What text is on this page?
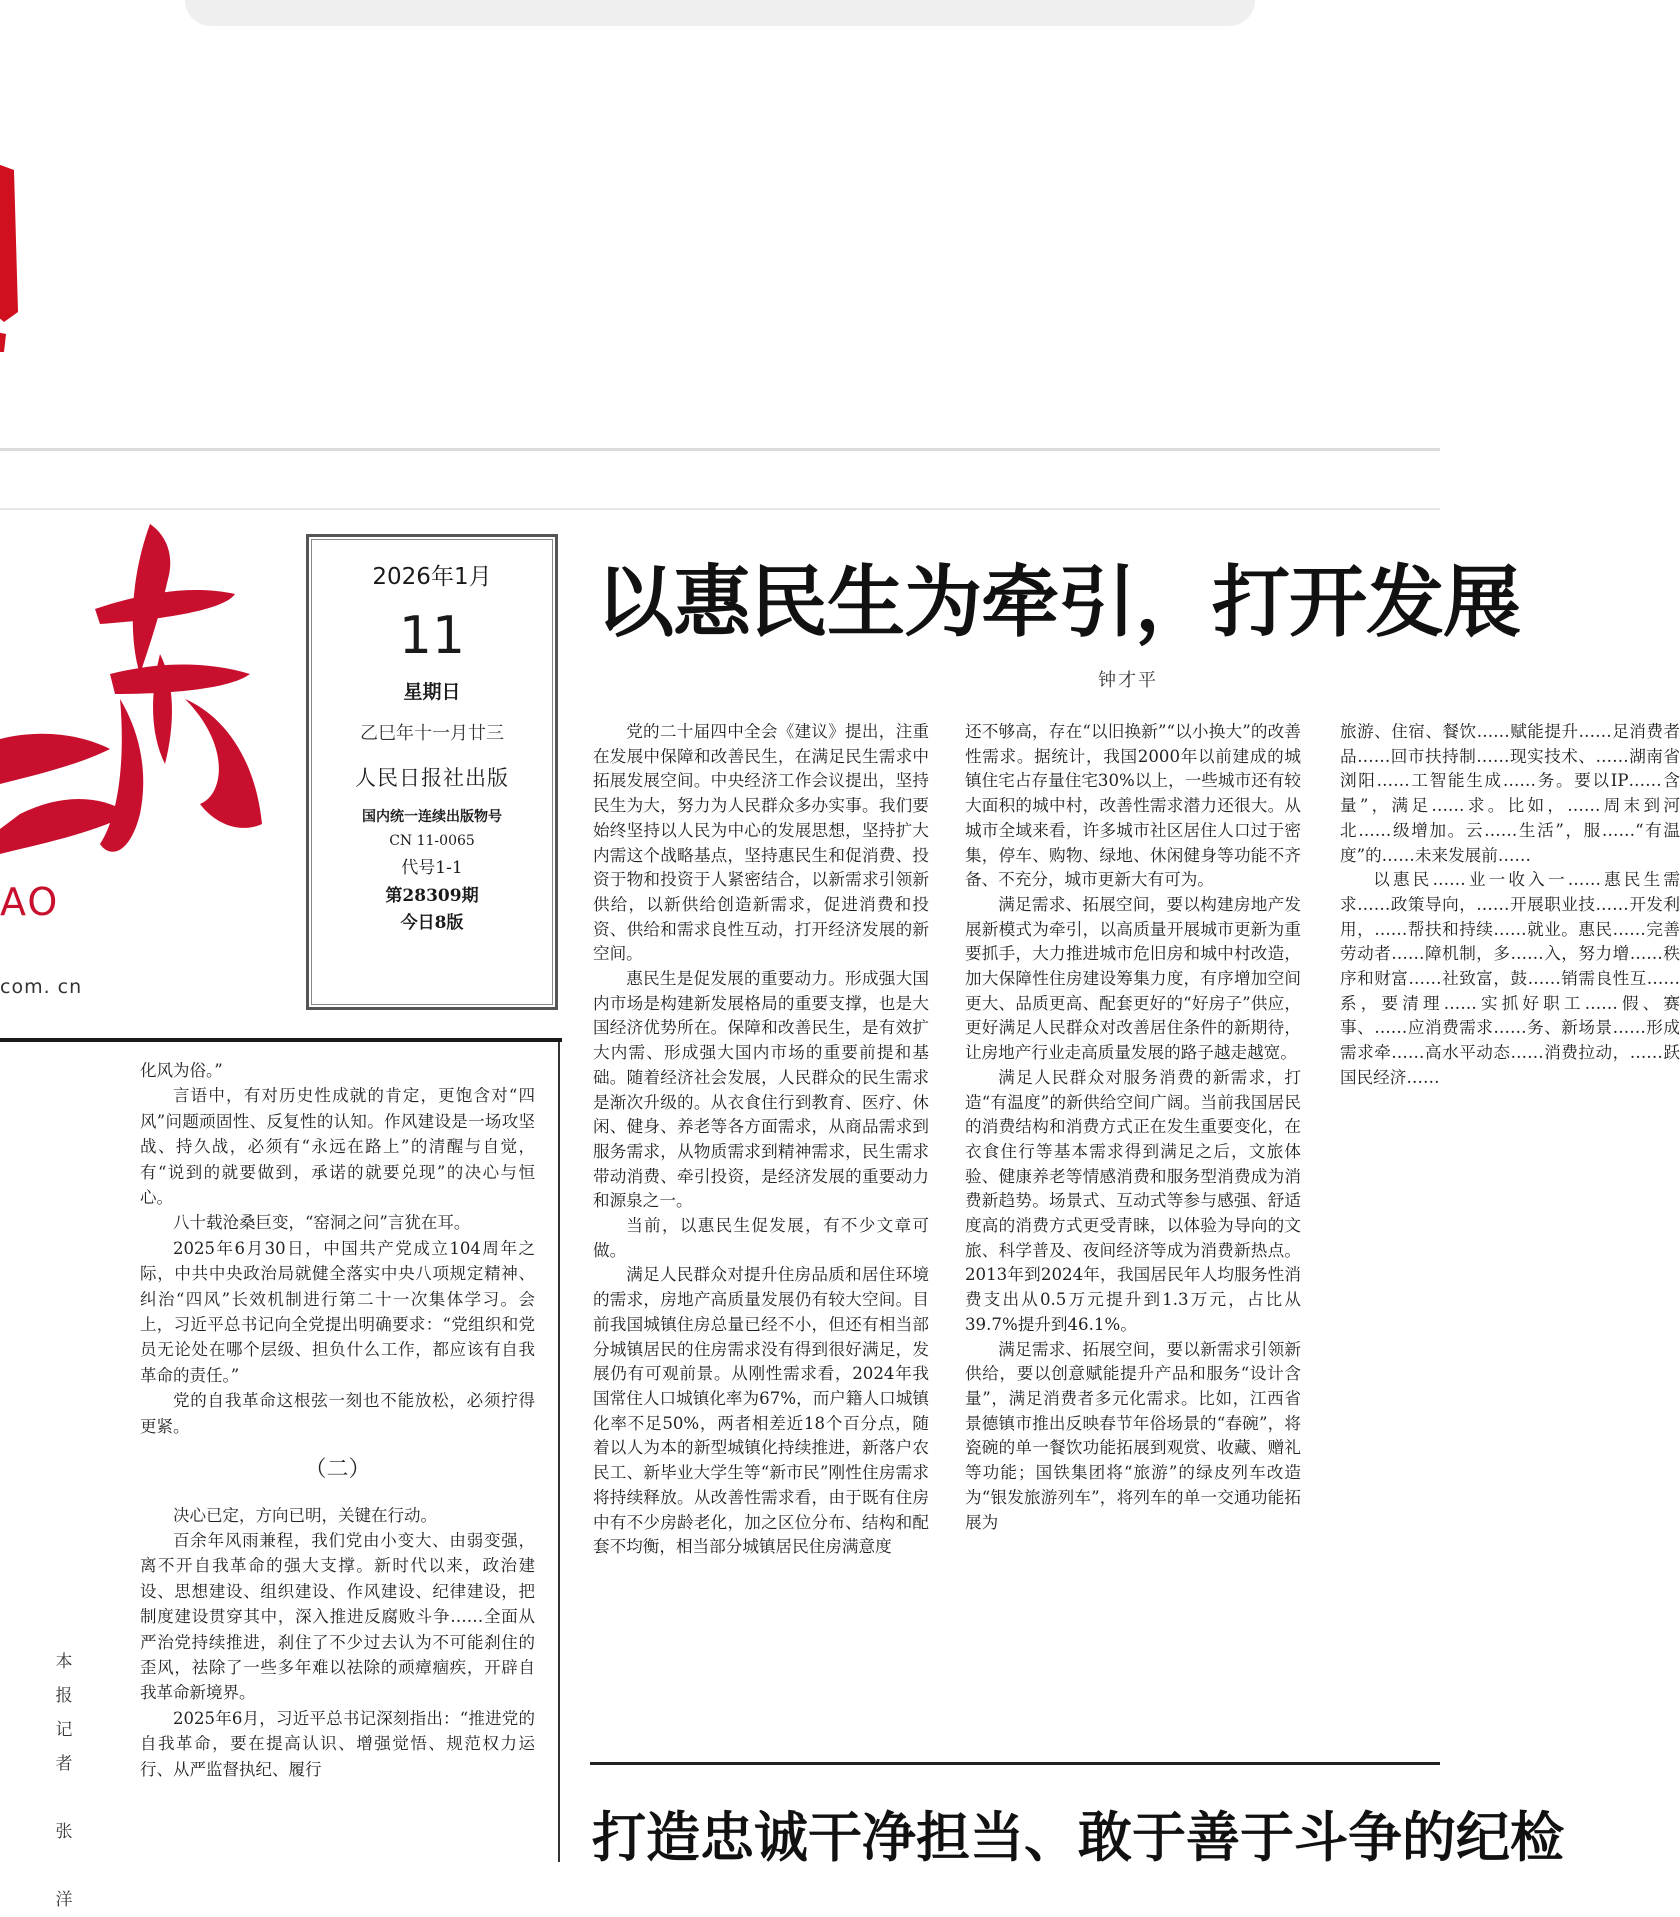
AO
com. cn
2026年1月
11
星期日
乙巳年十一月廿三
人民日报社出版
国内统一连续出版物号
CN 11-0065
代号1-1
第28309期
今日8版

化风为俗。”

言语中，有对历史性成就的肯定，更饱含对“四风”问题顽固性、反复性的认知。作风建设是一场攻坚战、持久战，必须有“永远在路上”的清醒与自觉，有“说到的就要做到，承诺的就要兑现”的决心与恒心。

八十载沧桑巨变，“窑洞之问”言犹在耳。

2025年6月30日，中国共产党成立104周年之际，中共中央政治局就健全落实中央八项规定精神、纠治“四风”长效机制进行第二十一次集体学习。会上，习近平总书记向全党提出明确要求：“党组织和党员无论处在哪个层级、担负什么工作，都应该有自我革命的责任。”

党的自我革命这根弦一刻也不能放松，必须拧得更紧。

（二）

决心已定，方向已明，关键在行动。

百余年风雨兼程，我们党由小变大、由弱变强，离不开自我革命的强大支撑。新时代以来，政治建设、思想建设、组织建设、作风建设、纪律建设，把制度建设贯穿其中，深入推进反腐败斗争……全面从严治党持续推进，刹住了不少过去认为不可能刹住的歪风，祛除了一些多年难以祛除的顽瘴痼疾，开辟自我革命新境界。

2025年6月，习近平总书记深刻指出：“推进党的自我革命，要在提高认识、增强觉悟、规范权力运行、从严监督执纪、履行

本
报
记
者

张

洋

以惠民生为牵引，打开发展
钟才平

党的二十届四中全会《建议》提出，注重在发展中保障和改善民生，在满足民生需求中拓展发展空间。中央经济工作会议提出，坚持民生为大，努力为人民群众多办实事。我们要始终坚持以人民为中心的发展思想，坚持扩大内需这个战略基点，坚持惠民生和促消费、投资于物和投资于人紧密结合，以新需求引领新供给，以新供给创造新需求，促进消费和投资、供给和需求良性互动，打开经济发展的新空间。

惠民生是促发展的重要动力。形成强大国内市场是构建新发展格局的重要支撑，也是大国经济优势所在。保障和改善民生，是有效扩大内需、形成强大国内市场的重要前提和基础。随着经济社会发展，人民群众的民生需求是渐次升级的。从衣食住行到教育、医疗、休闲、健身、养老等各方面需求，从商品需求到服务需求，从物质需求到精神需求，民生需求带动消费、牵引投资，是经济发展的重要动力和源泉之一。

当前，以惠民生促发展，有不少文章可做。

满足人民群众对提升住房品质和居住环境的需求，房地产高质量发展仍有较大空间。目前我国城镇住房总量已经不小，但还有相当部分城镇居民的住房需求没有得到很好满足，发展仍有可观前景。从刚性需求看，2024年我国常住人口城镇化率为67%，而户籍人口城镇化率不足50%，两者相差近18个百分点，随着以人为本的新型城镇化持续推进，新落户农民工、新毕业大学生等“新市民”刚性住房需求将持续释放。从改善性需求看，由于既有住房中有不少房龄老化，加之区位分布、结构和配套不均衡，相当部分城镇居民住房满意度

还不够高，存在“以旧换新”“以小换大”的改善性需求。据统计，我国2000年以前建成的城镇住宅占存量住宅30%以上，一些城市还有较大面积的城中村，改善性需求潜力还很大。从城市全域来看，许多城市社区居住人口过于密集，停车、购物、绿地、休闲健身等功能不齐备、不充分，城市更新大有可为。

满足需求、拓展空间，要以构建房地产发展新模式为牵引，以高质量开展城市更新为重要抓手，大力推进城市危旧房和城中村改造，加大保障性住房建设筹集力度，有序增加空间更大、品质更高、配套更好的“好房子”供应，更好满足人民群众对改善居住条件的新期待，让房地产行业走高质量发展的路子越走越宽。

满足人民群众对服务消费的新需求，打造“有温度”的新供给空间广阔。当前我国居民的消费结构和消费方式正在发生重要变化，在衣食住行等基本需求得到满足之后，文旅体验、健康养老等情感消费和服务型消费成为消费新趋势。场景式、互动式等参与感强、舒适度高的消费方式更受青睐，以体验为导向的文旅、科学普及、夜间经济等成为消费新热点。2013年到2024年，我国居民年人均服务性消费支出从0.5万元提升到1.3万元，占比从39.7%提升到46.1%。

满足需求、拓展空间，要以新需求引领新供给，要以创意赋能提升产品和服务“设计含量”，满足消费者多元化需求。比如，江西省景德镇市推出反映春节年俗场景的“春碗”，将瓷碗的单一餐饮功能拓展到观赏、收藏、赠礼等功能；国铁集团将“旅游”的绿皮列车改造为“银发旅游列车”，将列车的单一交通功能拓展为

旅游、住宿、餐饮……赋能提升……足消费者品……回市扶持制……现实技术、……湖南省浏阳……工智能生成……务。要以IP……含量”，满足……求。比如，……周末到河北……级增加。云……生活”，服……“有温度”的……未来发展前……

以惠民……业一收入一……惠民生需求……政策导向，……开展职业技……开发利用，……帮扶和持续……就业。惠民……完善劳动者……障机制，多……入，努力增……秩序和财富……社致富，鼓……销需良性互……系，要清理……实抓好职工……假、赛事、……应消费需求……务、新场景……形成需求牵……高水平动态……消费拉动，……跃国民经济……

打造忠诚干净担当、敢于善于斗争的纪检
